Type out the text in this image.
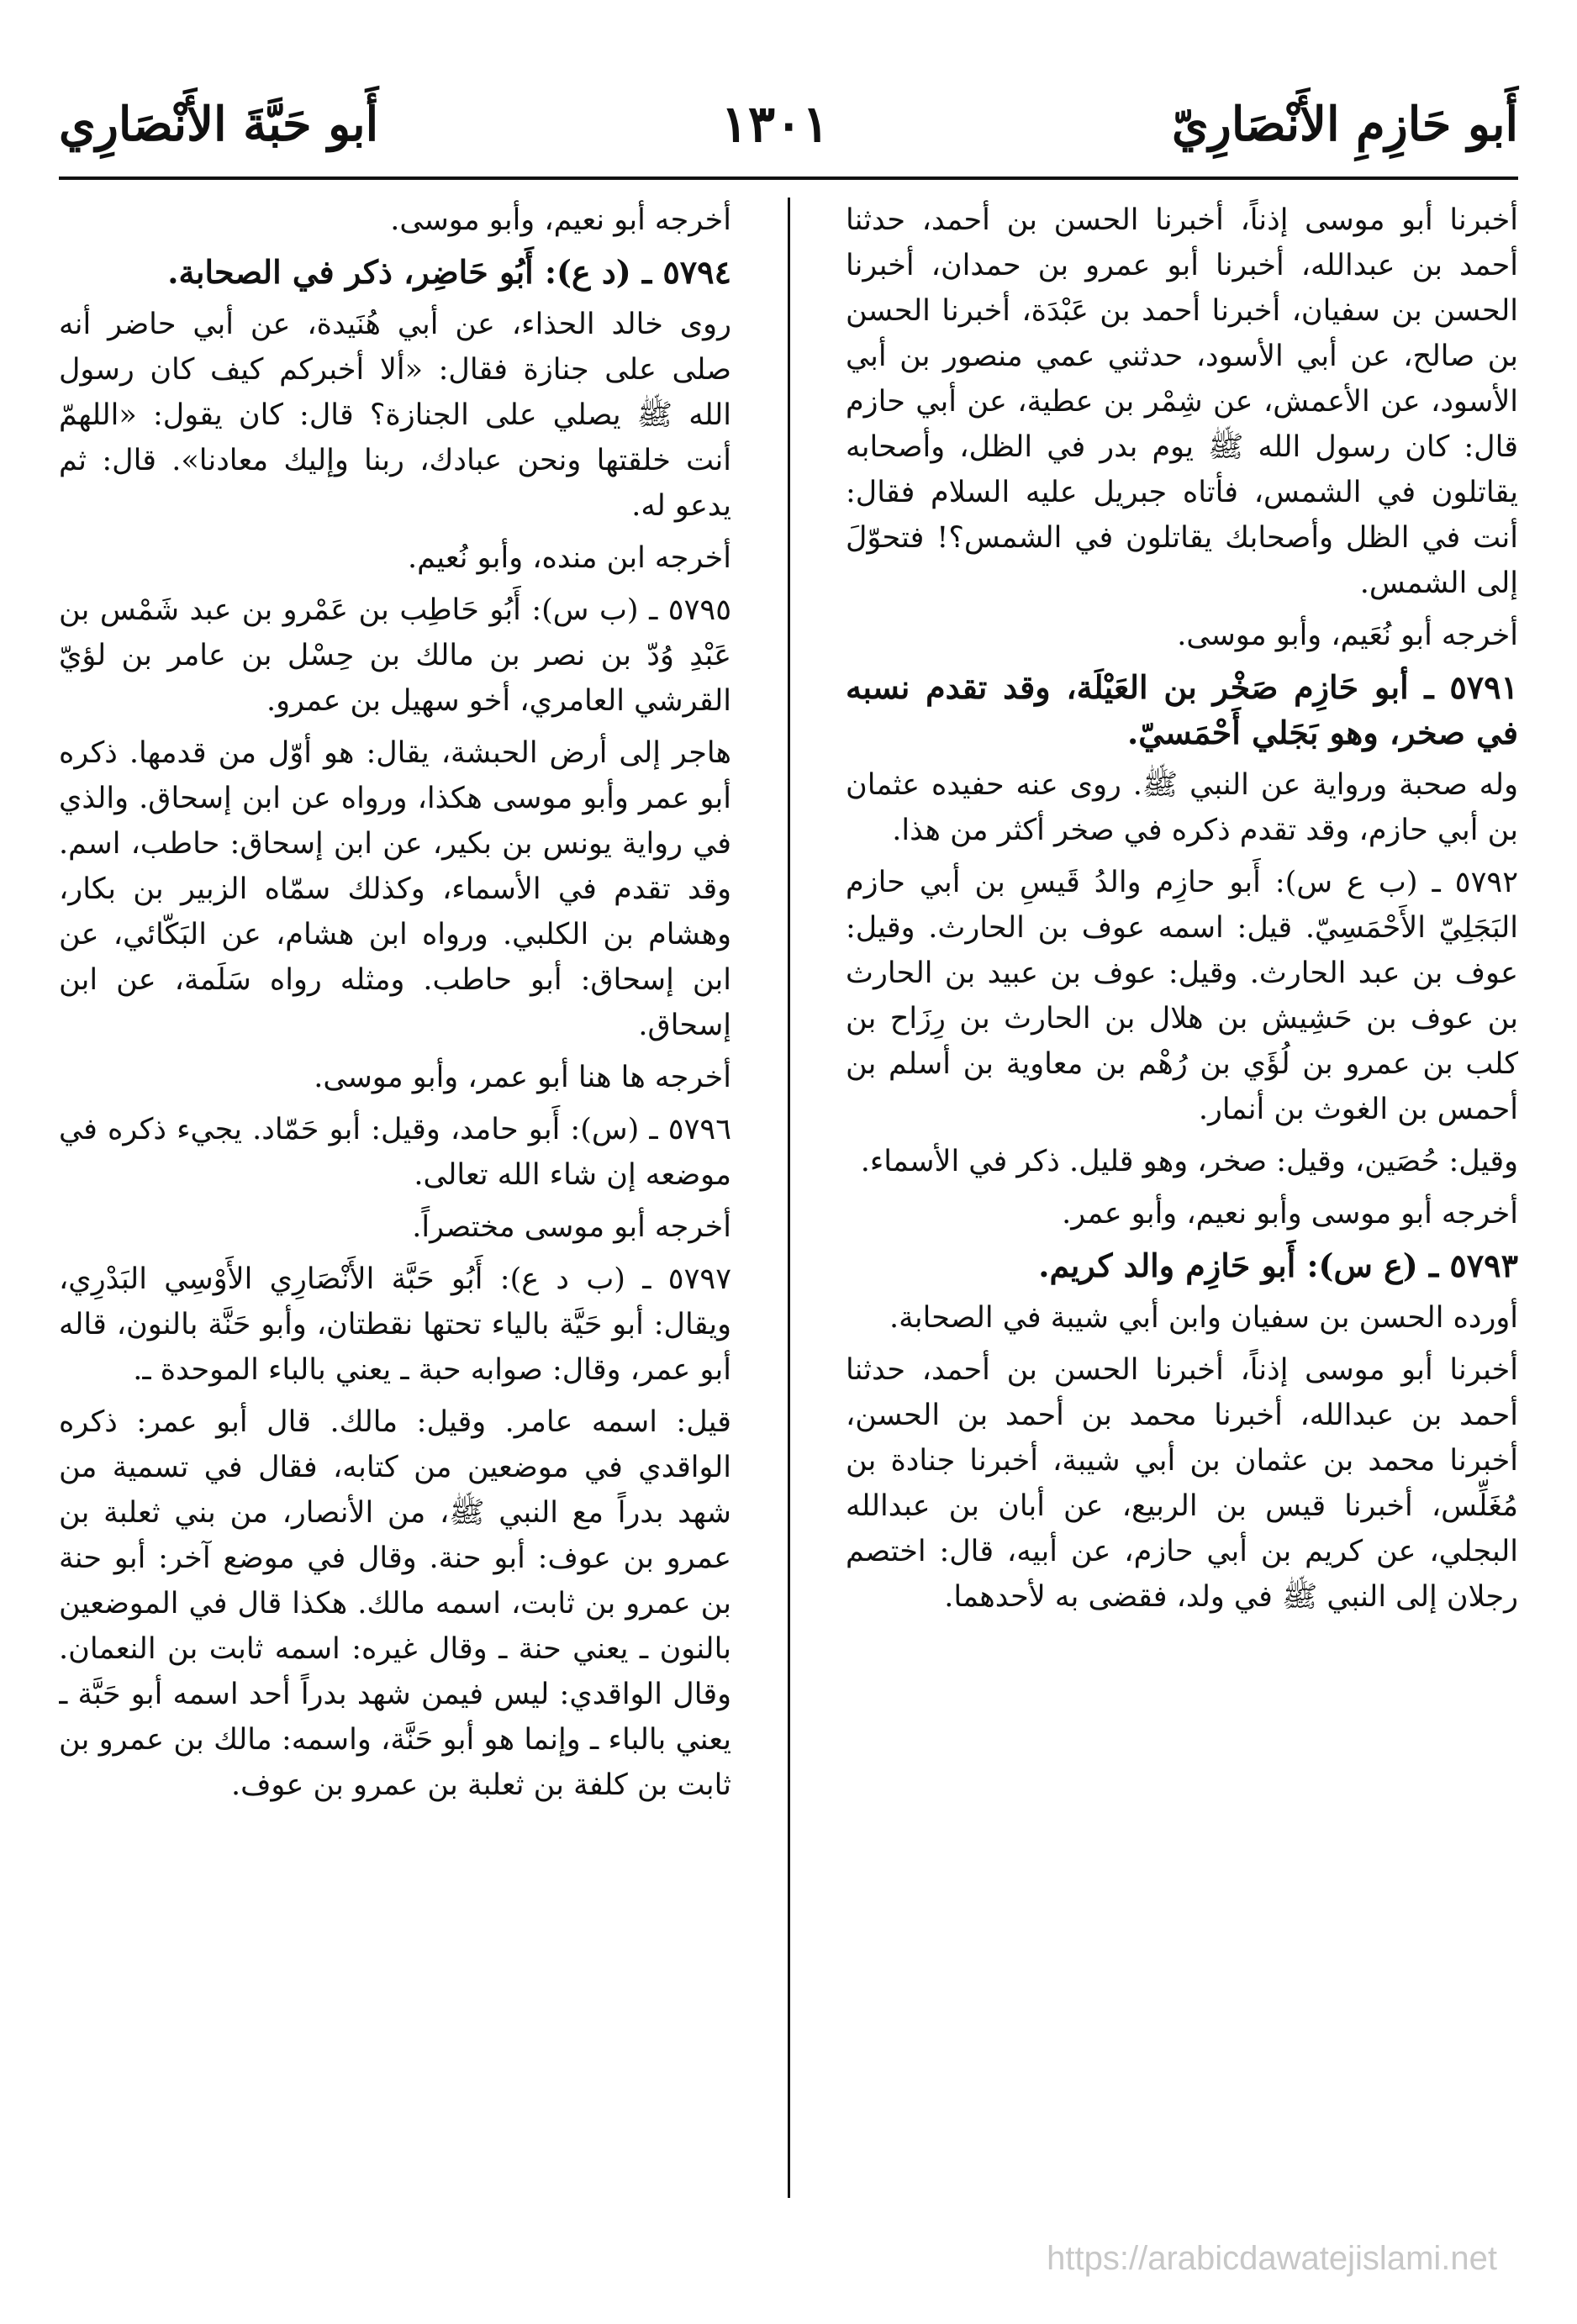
أَبو حَازِمِ الأَنْصَارِيّ
١٣٠١
أَبو حَبَّةَ الأَنْصَارِي

أخبرنا أبو موسى إذناً، أخبرنا الحسن بن أحمد، حدثنا أحمد بن عبدالله، أخبرنا أبو عمرو بن حمدان، أخبرنا الحسن بن سفيان، أخبرنا أحمد بن عَبْدَة، أخبرنا الحسن بن صالح، عن أبي الأسود، حدثني عمي منصور بن أبي الأسود، عن الأعمش، عن شِمْر بن عطية، عن أبي حازم قال: كان رسول الله ﷺ يوم بدر في الظل، وأصحابه يقاتلون في الشمس، فأتاه جبريل عليه السلام فقال: أنت في الظل وأصحابك يقاتلون في الشمس؟! فتحوّلَ إلى الشمس.

أخرجه أبو نُعَيم، وأبو موسى.

٥٧٩١ ـ أبو حَازِم صَخْر بن العَيْلَة، وقد تقدم نسبه في صخر، وهو بَجَلي أَحْمَسيّ.

وله صحبة ورواية عن النبي ﷺ. روى عنه حفيده عثمان بن أبي حازم، وقد تقدم ذكره في صخر أكثر من هذا.

٥٧٩٢ ـ (ب ع س): أَبو حازِم والدُ قَيسِ بن أبي حازم البَجَلِيّ الأَحْمَسِيّ. قيل: اسمه عوف بن الحارث. وقيل: عوف بن عبد الحارث. وقيل: عوف بن عبيد بن الحارث بن عوف بن حَشِيش بن هلال بن الحارث بن رِزَاح بن كلب بن عمرو بن لُؤَي بن رُهْم بن معاوية بن أسلم بن أحمس بن الغوث بن أنمار.

وقيل: حُصَين، وقيل: صخر، وهو قليل. ذكر في الأسماء.

أخرجه أبو موسى وأبو نعيم، وأبو عمر.

٥٧٩٣ ـ (ع س): أَبو حَازِم والد كريم.

أورده الحسن بن سفيان وابن أبي شيبة في الصحابة.

أخبرنا أبو موسى إذناً، أخبرنا الحسن بن أحمد، حدثنا أحمد بن عبدالله، أخبرنا محمد بن أحمد بن الحسن، أخبرنا محمد بن عثمان بن أبي شيبة، أخبرنا جنادة بن مُغَلِّس، أخبرنا قيس بن الربيع، عن أبان بن عبدالله البجلي، عن كريم بن أبي حازم، عن أبيه، قال: اختصم رجلان إلى النبي ﷺ في ولد، فقضى به لأحدهما.

أخرجه أبو نعيم، وأبو موسى.

٥٧٩٤ ـ (د ع): أَبُو حَاضِر، ذكر في الصحابة.

روى خالد الحذاء، عن أبي هُنَيدة، عن أبي حاضر أنه صلى على جنازة فقال: «ألا أخبركم كيف كان رسول الله ﷺ يصلي على الجنازة؟ قال: كان يقول: «اللهمّ أنت خلقتها ونحن عبادك، ربنا وإليك معادنا». قال: ثم يدعو له.

أخرجه ابن منده، وأبو نُعيم.

٥٧٩٥ ـ (ب س): أَبُو حَاطِب بن عَمْرو بن عبد شَمْس بن عَبْدِ وُدّ بن نصر بن مالك بن حِسْل بن عامر بن لؤيّ القرشي العامري، أخو سهيل بن عمرو.

هاجر إلى أرض الحبشة، يقال: هو أوّل من قدمها. ذكره أبو عمر وأبو موسى هكذا، ورواه عن ابن إسحاق. والذي في رواية يونس بن بكير، عن ابن إسحاق: حاطب، اسم. وقد تقدم في الأسماء، وكذلك سمّاه الزبير بن بكار، وهشام بن الكلبي. ورواه ابن هشام، عن البَكّائي، عن ابن إسحاق: أبو حاطب. ومثله رواه سَلَمة، عن ابن إسحاق.

أخرجه ها هنا أبو عمر، وأبو موسى.

٥٧٩٦ ـ (س): أَبو حامد، وقيل: أبو حَمّاد. يجيء ذكره في موضعه إن شاء الله تعالى.

أخرجه أبو موسى مختصراً.

٥٧٩٧ ـ (ب د ع): أَبُو حَبَّة الأَنْصَارِي الأَوْسِي البَدْرِي، ويقال: أبو حَيَّة بالياء تحتها نقطتان، وأبو حَنَّة بالنون، قاله أبو عمر، وقال: صوابه حبة ـ يعني بالباء الموحدة ـ.

قيل: اسمه عامر. وقيل: مالك. قال أبو عمر: ذكره الواقدي في موضعين من كتابه، فقال في تسمية من شهد بدراً مع النبي ﷺ، من الأنصار، من بني ثعلبة بن عمرو بن عوف: أبو حنة. وقال في موضع آخر: أبو حنة بن عمرو بن ثابت، اسمه مالك. هكذا قال في الموضعين بالنون ـ يعني حنة ـ وقال غيره: اسمه ثابت بن النعمان. وقال الواقدي: ليس فيمن شهد بدراً أحد اسمه أبو حَبَّة ـ يعني بالباء ـ وإنما هو أبو حَنَّة، واسمه: مالك بن عمرو بن ثابت بن كلفة بن ثعلبة بن عمرو بن عوف.

https://arabicdawatejislami.net
